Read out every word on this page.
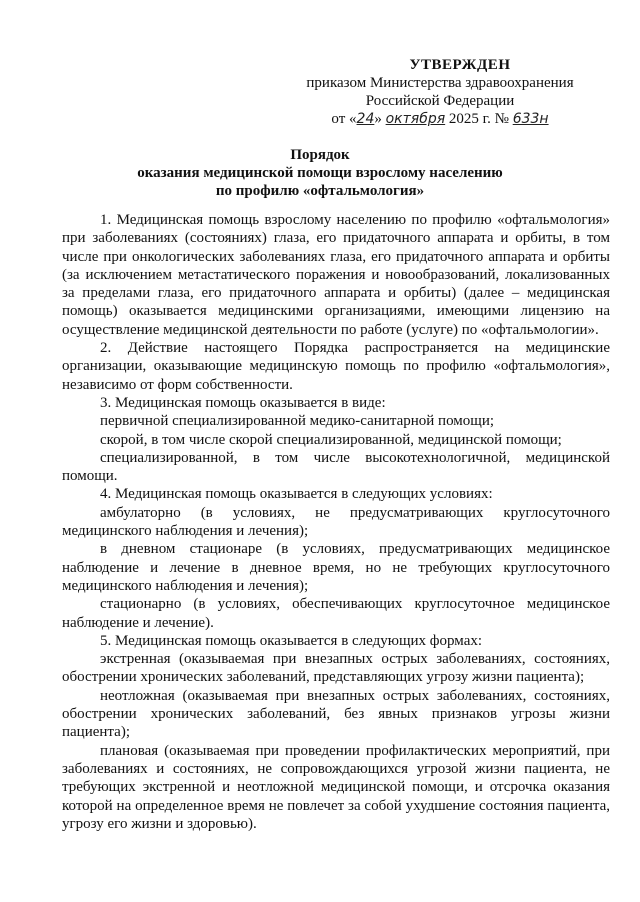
УТВЕРЖДЕН
приказом Министерства здравоохранения
Российской Федерации
от «24» октября 2025 г. № 633н
Порядок
оказания медицинской помощи взрослому населению
по профилю «офтальмология»

1. Медицинская помощь взрослому населению по профилю «офтальмология» при заболеваниях (состояниях) глаза, его придаточного аппарата и орбиты, в том числе при онкологических заболеваниях глаза, его придаточного аппарата и орбиты (за исключением метастатического поражения и новообразований, локализованных за пределами глаза, его придаточного аппарата и орбиты) (далее – медицинская помощь) оказывается медицинскими организациями, имеющими лицензию на осуществление медицинской деятельности по работе (услуге) по «офтальмологии».

2. Действие настоящего Порядка распространяется на медицинские организации, оказывающие медицинскую помощь по профилю «офтальмология», независимо от форм собственности.

3. Медицинская помощь оказывается в виде:

первичной специализированной медико-санитарной помощи;

скорой, в том числе скорой специализированной, медицинской помощи;

специализированной, в том числе высокотехнологичной, медицинской помощи.

4. Медицинская помощь оказывается в следующих условиях:

амбулаторно (в условиях, не предусматривающих круглосуточного медицинского наблюдения и лечения);

в дневном стационаре (в условиях, предусматривающих медицинское наблюдение и лечение в дневное время, но не требующих круглосуточного медицинского наблюдения и лечения);

стационарно (в условиях, обеспечивающих круглосуточное медицинское наблюдение и лечение).

5. Медицинская помощь оказывается в следующих формах:

экстренная (оказываемая при внезапных острых заболеваниях, состояниях, обострении хронических заболеваний, представляющих угрозу жизни пациента);

неотложная (оказываемая при внезапных острых заболеваниях, состояниях, обострении хронических заболеваний, без явных признаков угрозы жизни пациента);

плановая (оказываемая при проведении профилактических мероприятий, при заболеваниях и состояниях, не сопровождающихся угрозой жизни пациента, не требующих экстренной и неотложной медицинской помощи, и отсрочка оказания которой на определенное время не повлечет за собой ухудшение состояния пациента, угрозу его жизни и здоровью).
